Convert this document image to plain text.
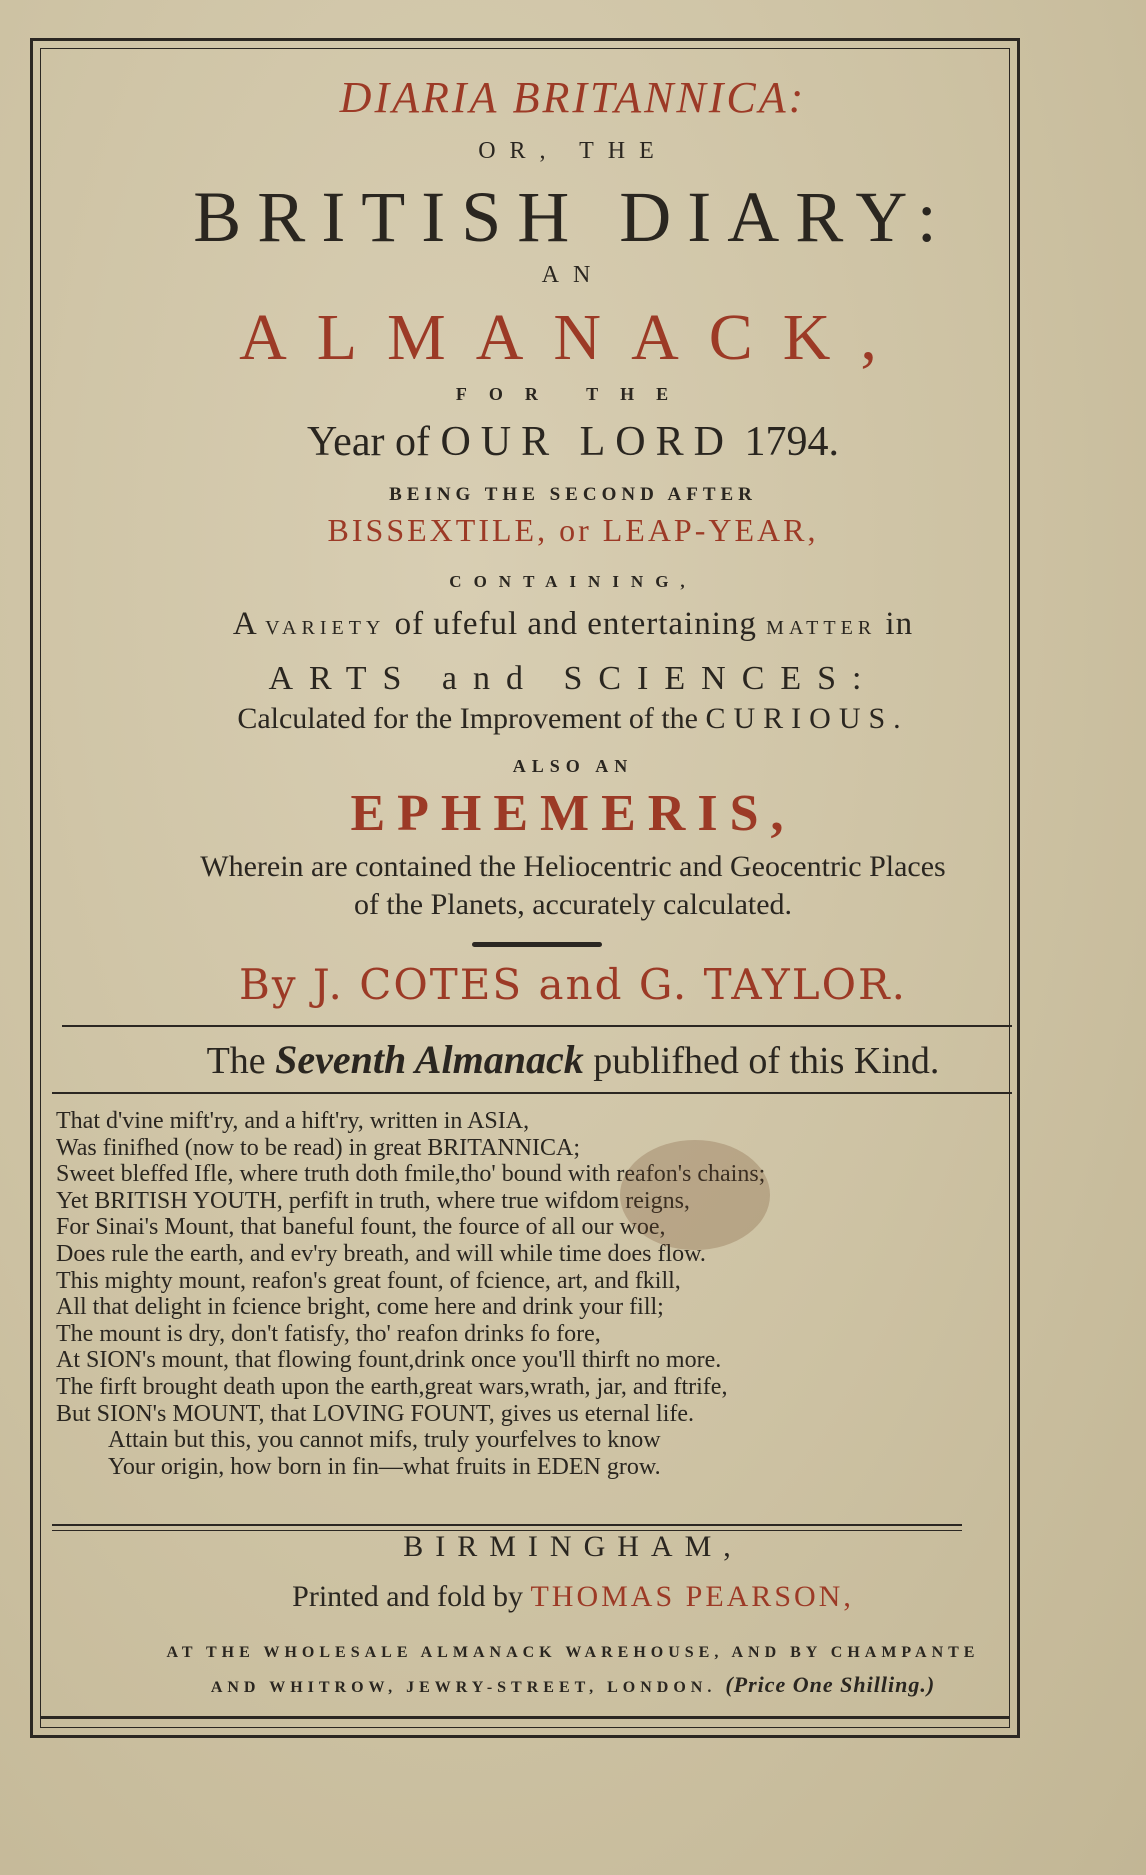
DIARIA BRITANNICA:
OR, THE
BRITISH DIARY:
AN
ALMANACK,
FOR THE
Year of OUR LORD 1794.
BEING THE SECOND AFTER
BISSEXTILE, or LEAP-YEAR,
CONTAINING,
A VARIETY of ufeful and entertaining MATTER in
ARTS and SCIENCES:
Calculated for the Improvement of the CURIOUS.
ALSO AN
EPHEMERIS,
Wherein are contained the Heliocentric and Geocentric Places
of the Planets, accurately calculated.
By J. COTES and G. TAYLOR.
The Seventh Almanack publifhed of this Kind.
That d'vine mift'ry, and a hift'ry, written in ASIA,
Was finifhed (now to be read) in great BRITANNICA;
Sweet bleffed Ifle, where truth doth fmile,tho' bound with reafon's chains;
Yet BRITISH YOUTH, perfift in truth, where true wifdom reigns,
For Sinai's Mount, that baneful fount, the fource of all our woe,
Does rule the earth, and ev'ry breath, and will while time does flow.
This mighty mount, reafon's great fount, of fcience, art, and fkill,
All that delight in fcience bright, come here and drink your fill;
The mount is dry, don't fatisfy, tho' reafon drinks fo fore,
At SION's mount, that flowing fount,drink once you'll thirft no more.
The firft brought death upon the earth,great wars,wrath, jar, and ftrife,
But SION's MOUNT, that LOVING FOUNT, gives us eternal life.
Attain but this, you cannot mifs, truly yourfelves to know
Your origin, how born in fin—what fruits in EDEN grow.
BIRMINGHAM,
Printed and fold by THOMAS PEARSON,
AT THE WHOLESALE ALMANACK WAREHOUSE, AND BY CHAMPANTE
AND WHITROW, JEWRY-STREET, LONDON. (Price One Shilling.)
